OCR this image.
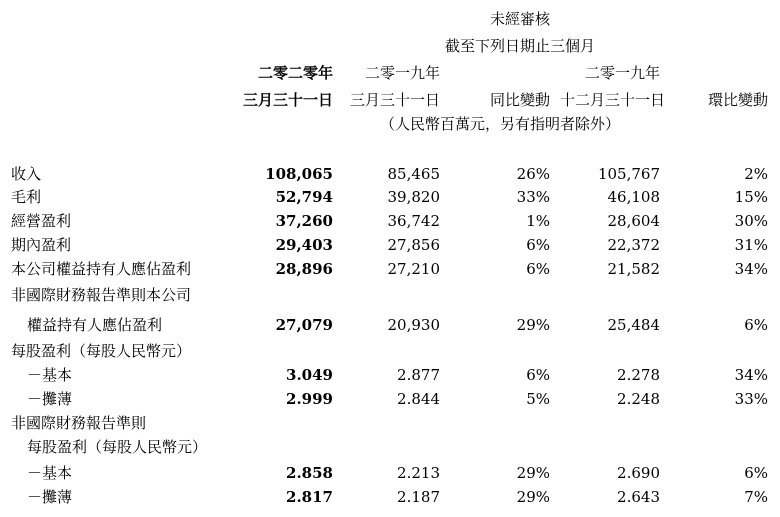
未經審核
截至下列日期止三個月
二零二零年
三月三十一日
二零一九年
三月三十一日	同比變動
二零一九年
十二月三十一日	環比變動
（人民幣百萬元，另有指明者除外）
收入
毛利
經營盈利
期內盈利
本公司權益持有人應佔盈利
非國際財務報告準則本公司
權益持有人應佔盈利
每股盈利（每股人民幣元）
－基本
－攤薄
非國際財務報告準則
每股盈利（每股人民幣元）
－基本
－攤薄
108,065
52,794
37,260
29,403
28,896
27,079
3.049
2.999
2.858
2.817
85,465
39,820
36,742
27,856
27,210
20,930
2.877
2.844
2.213
2.187
26%
33%
1%
6%
6%
29%
6%
5%
29%
29%
105,767
46,108
28,604
22,372
21,582
25,484
2.278
2.248
2.690
2.643
2%
15%
30%
31%
34%
6%
34%
33%
6%
7%
